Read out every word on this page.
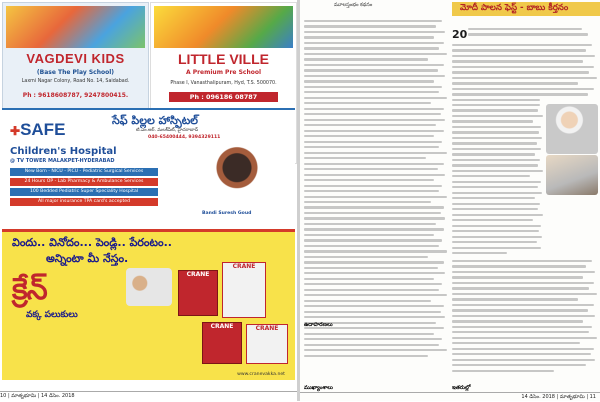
VAGDEVI KIDS
(Base The Play School)
Laxmi Nagar Colony, Road No. 14, Saidabad.
Ph : 9618608787, 9247800415.
LITTLE VILLE
A Premium Pre School
Phase I, Vanasthalipuram, Hyd, T.S. 500070.
Ph : 096186 08787
✚SAFE	సేఫ్ పిల్లల హాస్పిటల్
టి.ఎం.ఆర్. మలక్‌పేట్, హైదరాబాద్
040-65400444, 9394329111
Children's Hospital
@ TV TOWER MALAKPET-HYDERABAD
New Born - NICU - PICU - Pediatric Surgical Services
24 Hours OP - Lab Pharmacy & Ambulance Services
100 Bedded Pediatric Super Speciality Hospital
All major insurance TPA card's accepted
Bandi Suresh Goud
విందు.. వినోదం... పెండ్లి.. పేరంటం..
అన్నింటా మీ నేస్తం.
క్రేన్
వక్క పలుకులు
CRANE
CRANE
CRANE	CRANE
www.cranevakka.net
10 | మాతృభూమి | 14 డిసెం. 2018
మూలస్తంభం కథనం	మోదీ పాలన ఫెస్ట్ - బాబు కీర్తనం
20
ఉదాహరణలు
ముఖ్యాంశాలు	ఇతరుల్లో
14 డిసెం. 2018 | మాతృభూమి | 11
